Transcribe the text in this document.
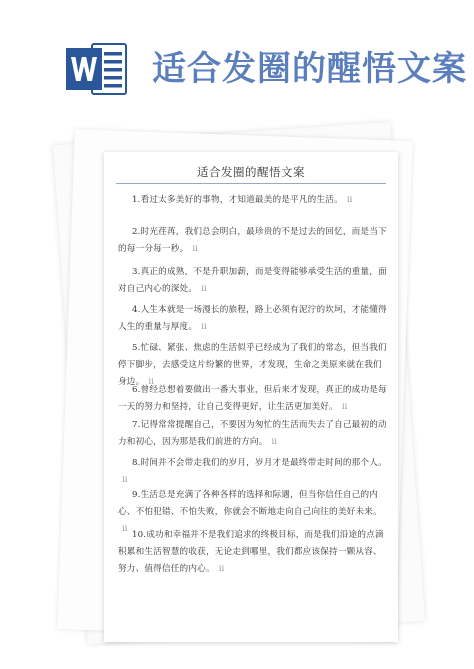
适合发圈的醒悟文案
适合发圈的醒悟文案
1.看过太多美好的事物，才知道最美的是平凡的生活。 ⅱ
2.时光荏苒，我们总会明白，最珍贵的不是过去的回忆，而是当下的每一分每一秒。 ⅱ
3.真正的成熟，不是升职加薪，而是变得能够承受生活的重量，面对自己内心的深处。 ⅱ
4.人生本就是一场漫长的旅程，路上必须有泥泞的坎坷，才能懂得人生的重量与厚度。 ⅱ
5.忙碌、紧张、焦虑的生活似乎已经成为了我们的常态，但当我们停下脚步，去感受这片纷繁的世界，才发现，生命之美原来就在我们身边。 ⅱ
6.曾经总想着要做出一番大事业，但后来才发现，真正的成功是每一天的努力和坚持，让自己变得更好，让生活更加美好。 ⅱ
7.记得常常提醒自己，不要因为匆忙的生活而失去了自己最初的动力和初心，因为那是我们前进的方向。 ⅱ
8.时间并不会带走我们的岁月，岁月才是最终带走时间的那个人。ⅱ
9.生活总是充满了各种各样的选择和际遇，但当你信任自己的内心、不怕犯错、不怕失败，你就会不断地走向自己向往的美好未来。ⅱ
10.成功和幸福并不是我们追求的终极目标，而是我们沿途的点滴积累和生活智慧的收获，无论走到哪里，我们都应该保持一颗从容、努力、值得信任的内心。 ⅱ
